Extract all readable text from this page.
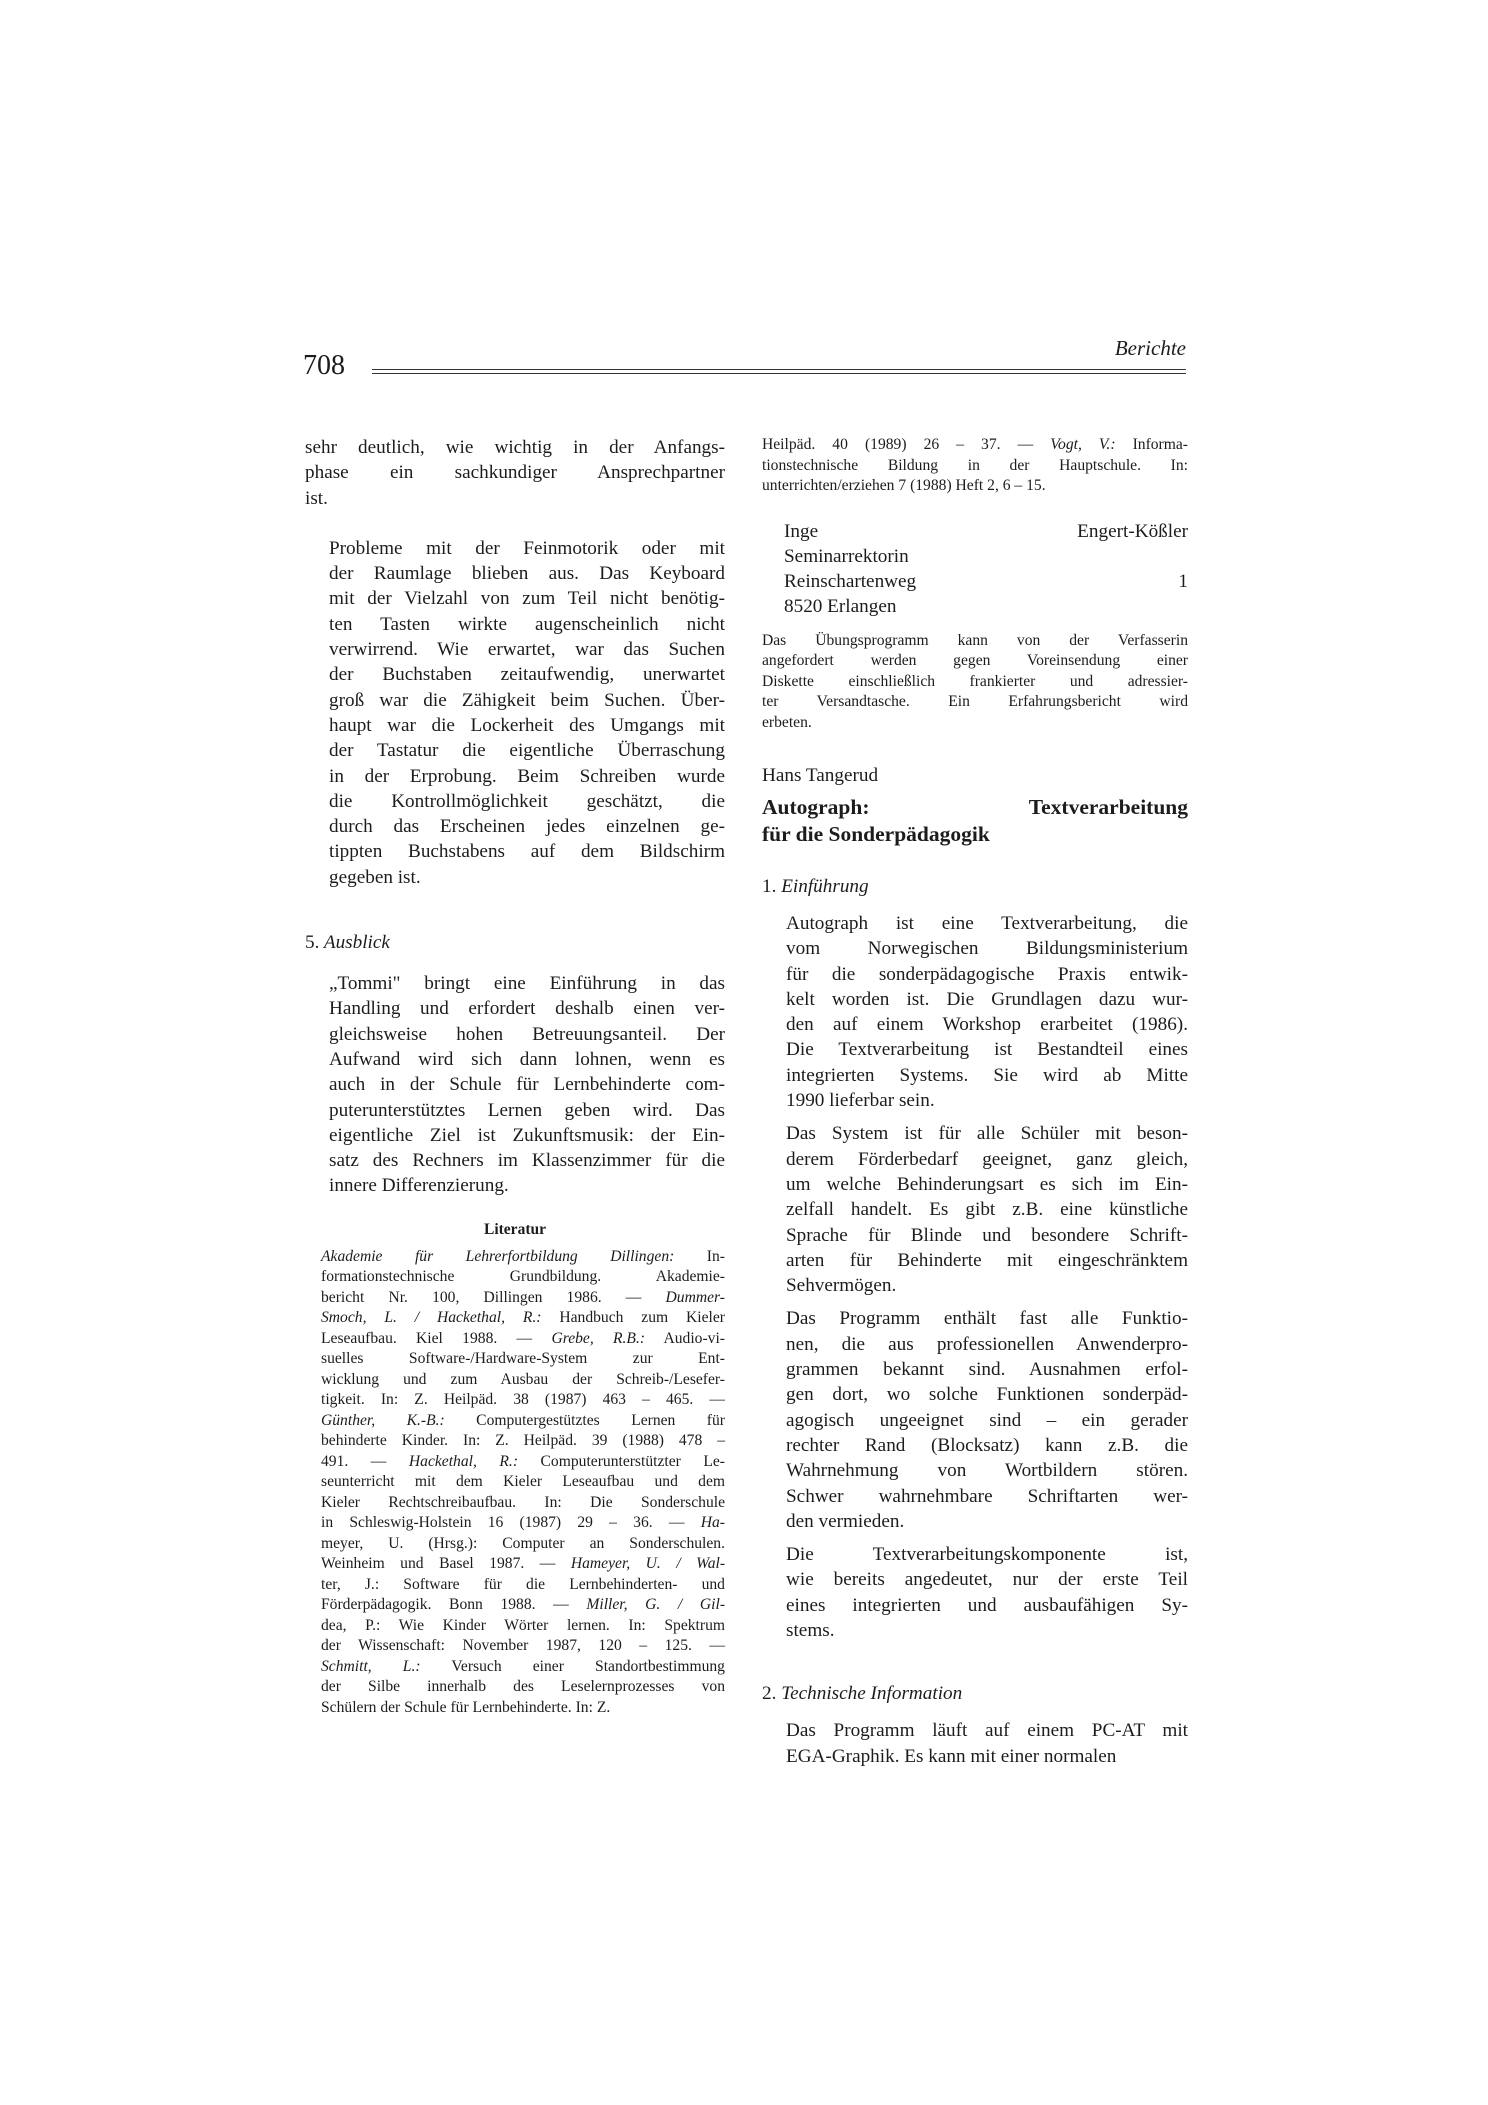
708
Berichte
sehr deutlich, wie wichtig in der Anfangs-
phase ein sachkundiger Ansprechpartner
ist.
Probleme mit der Feinmotorik oder mit
der Raumlage blieben aus. Das Keyboard
mit der Vielzahl von zum Teil nicht benötig-
ten Tasten wirkte augenscheinlich nicht
verwirrend. Wie erwartet, war das Suchen
der Buchstaben zeitaufwendig, unerwartet
groß war die Zähigkeit beim Suchen. Über-
haupt war die Lockerheit des Umgangs mit
der Tastatur die eigentliche Überraschung
in der Erprobung. Beim Schreiben wurde
die Kontrollmöglichkeit geschätzt, die
durch das Erscheinen jedes einzelnen ge-
tippten Buchstabens auf dem Bildschirm
gegeben ist.
5. Ausblick
„Tommi" bringt eine Einführung in das
Handling und erfordert deshalb einen ver-
gleichsweise hohen Betreuungsanteil. Der
Aufwand wird sich dann lohnen, wenn es
auch in der Schule für Lernbehinderte com-
puterunterstütztes Lernen geben wird. Das
eigentliche Ziel ist Zukunftsmusik: der Ein-
satz des Rechners im Klassenzimmer für die
innere Differenzierung.
Literatur
Akademie für Lehrerfortbildung Dillingen: In-
formationstechnische Grundbildung. Akademie-
bericht Nr. 100, Dillingen 1986. — Dummer-
Smoch, L. / Hackethal, R.: Handbuch zum Kieler
Leseaufbau. Kiel 1988. — Grebe, R.B.: Audio-vi-
suelles Software-/Hardware-System zur Ent-
wicklung und zum Ausbau der Schreib-/Lesefer-
tigkeit. In: Z. Heilpäd. 38 (1987) 463 – 465. —
Günther, K.-B.: Computergestütztes Lernen für
behinderte Kinder. In: Z. Heilpäd. 39 (1988) 478 –
491. — Hackethal, R.: Computerunterstützter Le-
seunterricht mit dem Kieler Leseaufbau und dem
Kieler Rechtschreibaufbau. In: Die Sonderschule
in Schleswig-Holstein 16 (1987) 29 – 36. — Ha-
meyer, U. (Hrsg.): Computer an Sonderschulen.
Weinheim und Basel 1987. — Hameyer, U. / Wal-
ter, J.: Software für die Lernbehinderten- und
Förderpädagogik. Bonn 1988. — Miller, G. / Gil-
dea, P.: Wie Kinder Wörter lernen. In: Spektrum
der Wissenschaft: November 1987, 120 – 125. —
Schmitt, L.: Versuch einer Standortbestimmung
der Silbe innerhalb des Leselernprozesses von
Schülern der Schule für Lernbehinderte. In: Z.
Heilpäd. 40 (1989) 26 – 37. — Vogt, V.: Informa-
tionstechnische Bildung in der Hauptschule. In:
unterrichten/erziehen 7 (1988) Heft 2, 6 – 15.
Inge Engert-Kößler
Seminarrektorin
Reinschartenweg 1
8520 Erlangen
Das Übungsprogramm kann von der Verfasserin
angefordert werden gegen Voreinsendung einer
Diskette einschließlich frankierter und adressier-
ter Versandtasche. Ein Erfahrungsbericht wird
erbeten.
Hans Tangerud
Autograph: Textverarbeitung
für die Sonderpädagogik
1. Einführung
Autograph ist eine Textverarbeitung, die
vom Norwegischen Bildungsministerium
für die sonderpädagogische Praxis entwik-
kelt worden ist. Die Grundlagen dazu wur-
den auf einem Workshop erarbeitet (1986).
Die Textverarbeitung ist Bestandteil eines
integrierten Systems. Sie wird ab Mitte
1990 lieferbar sein.
Das System ist für alle Schüler mit beson-
derem Förderbedarf geeignet, ganz gleich,
um welche Behinderungsart es sich im Ein-
zelfall handelt. Es gibt z.B. eine künstliche
Sprache für Blinde und besondere Schrift-
arten für Behinderte mit eingeschränktem
Sehvermögen.
Das Programm enthält fast alle Funktio-
nen, die aus professionellen Anwenderpro-
grammen bekannt sind. Ausnahmen erfol-
gen dort, wo solche Funktionen sonderpäd-
agogisch ungeeignet sind – ein gerader
rechter Rand (Blocksatz) kann z.B. die
Wahrnehmung von Wortbildern stören.
Schwer wahrnehmbare Schriftarten wer-
den vermieden.
Die Textverarbeitungskomponente ist,
wie bereits angedeutet, nur der erste Teil
eines integrierten und ausbaufähigen Sy-
stems.
2. Technische Information
Das Programm läuft auf einem PC-AT mit
EGA-Graphik. Es kann mit einer normalen
